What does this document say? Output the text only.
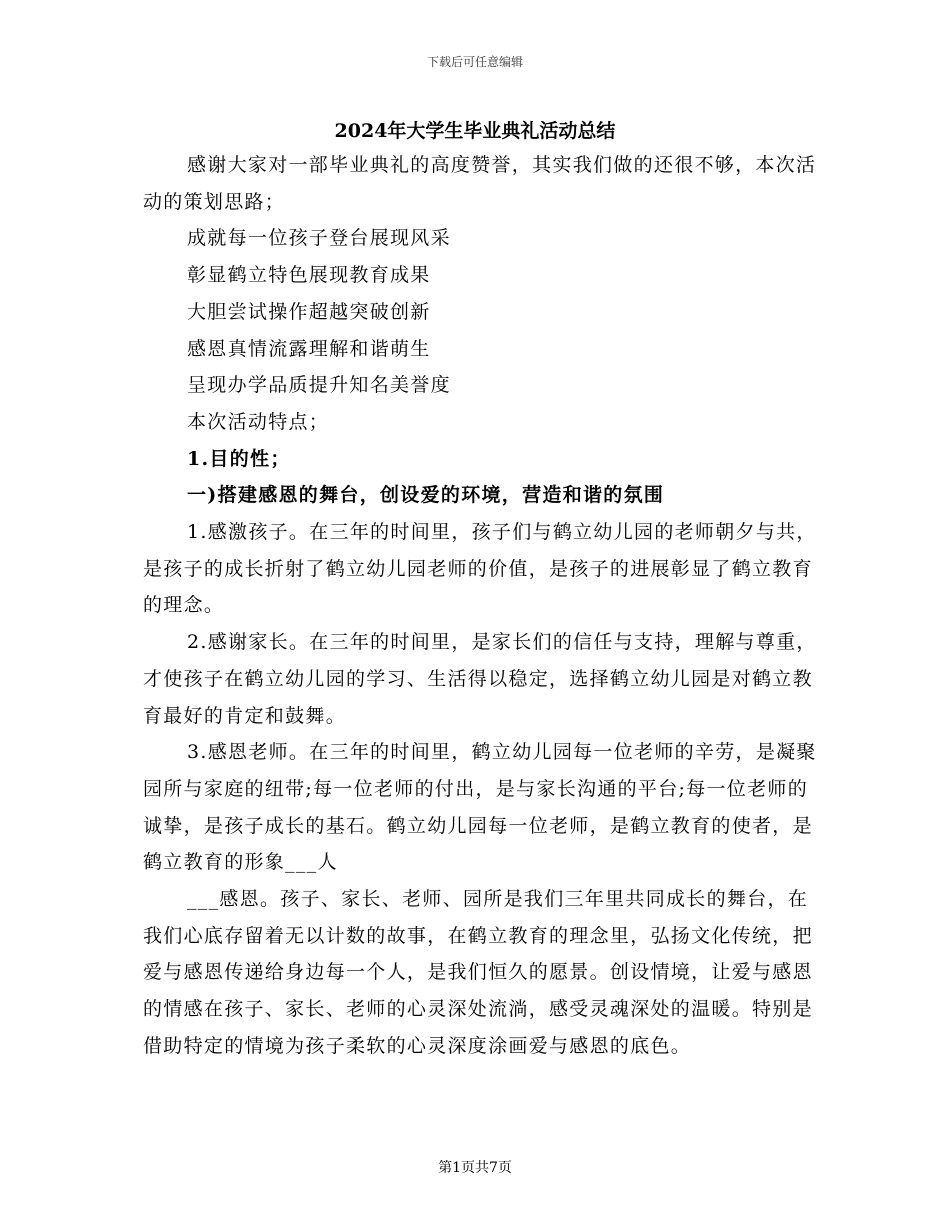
下载后可任意编辑
2024年大学生毕业典礼活动总结

感谢大家对一部毕业典礼的高度赞誉，其实我们做的还很不够，本次活动的策划思路；

成就每一位孩子登台展现风采

彰显鹤立特色展现教育成果

大胆尝试操作超越突破创新

感恩真情流露理解和谐萌生

呈现办学品质提升知名美誉度

本次活动特点；

1.目的性；

一)搭建感恩的舞台，创设爱的环境，营造和谐的氛围

1.感激孩子。在三年的时间里，孩子们与鹤立幼儿园的老师朝夕与共，是孩子的成长折射了鹤立幼儿园老师的价值，是孩子的进展彰显了鹤立教育的理念。

2.感谢家长。在三年的时间里，是家长们的信任与支持，理解与尊重，才使孩子在鹤立幼儿园的学习、生活得以稳定，选择鹤立幼儿园是对鹤立教育最好的肯定和鼓舞。

3.感恩老师。在三年的时间里，鹤立幼儿园每一位老师的辛劳，是凝聚园所与家庭的纽带;每一位老师的付出，是与家长沟通的平台;每一位老师的诚挚，是孩子成长的基石。鹤立幼儿园每一位老师，是鹤立教育的使者，是鹤立教育的形象___人

___感恩。孩子、家长、老师、园所是我们三年里共同成长的舞台，在我们心底存留着无以计数的故事，在鹤立教育的理念里，弘扬文化传统，把爱与感恩传递给身边每一个人，是我们恒久的愿景。创设情境，让爱与感恩的情感在孩子、家长、老师的心灵深处流淌，感受灵魂深处的温暖。特别是借助特定的情境为孩子柔软的心灵深度涂画爱与感恩的底色。

第1页共7页
